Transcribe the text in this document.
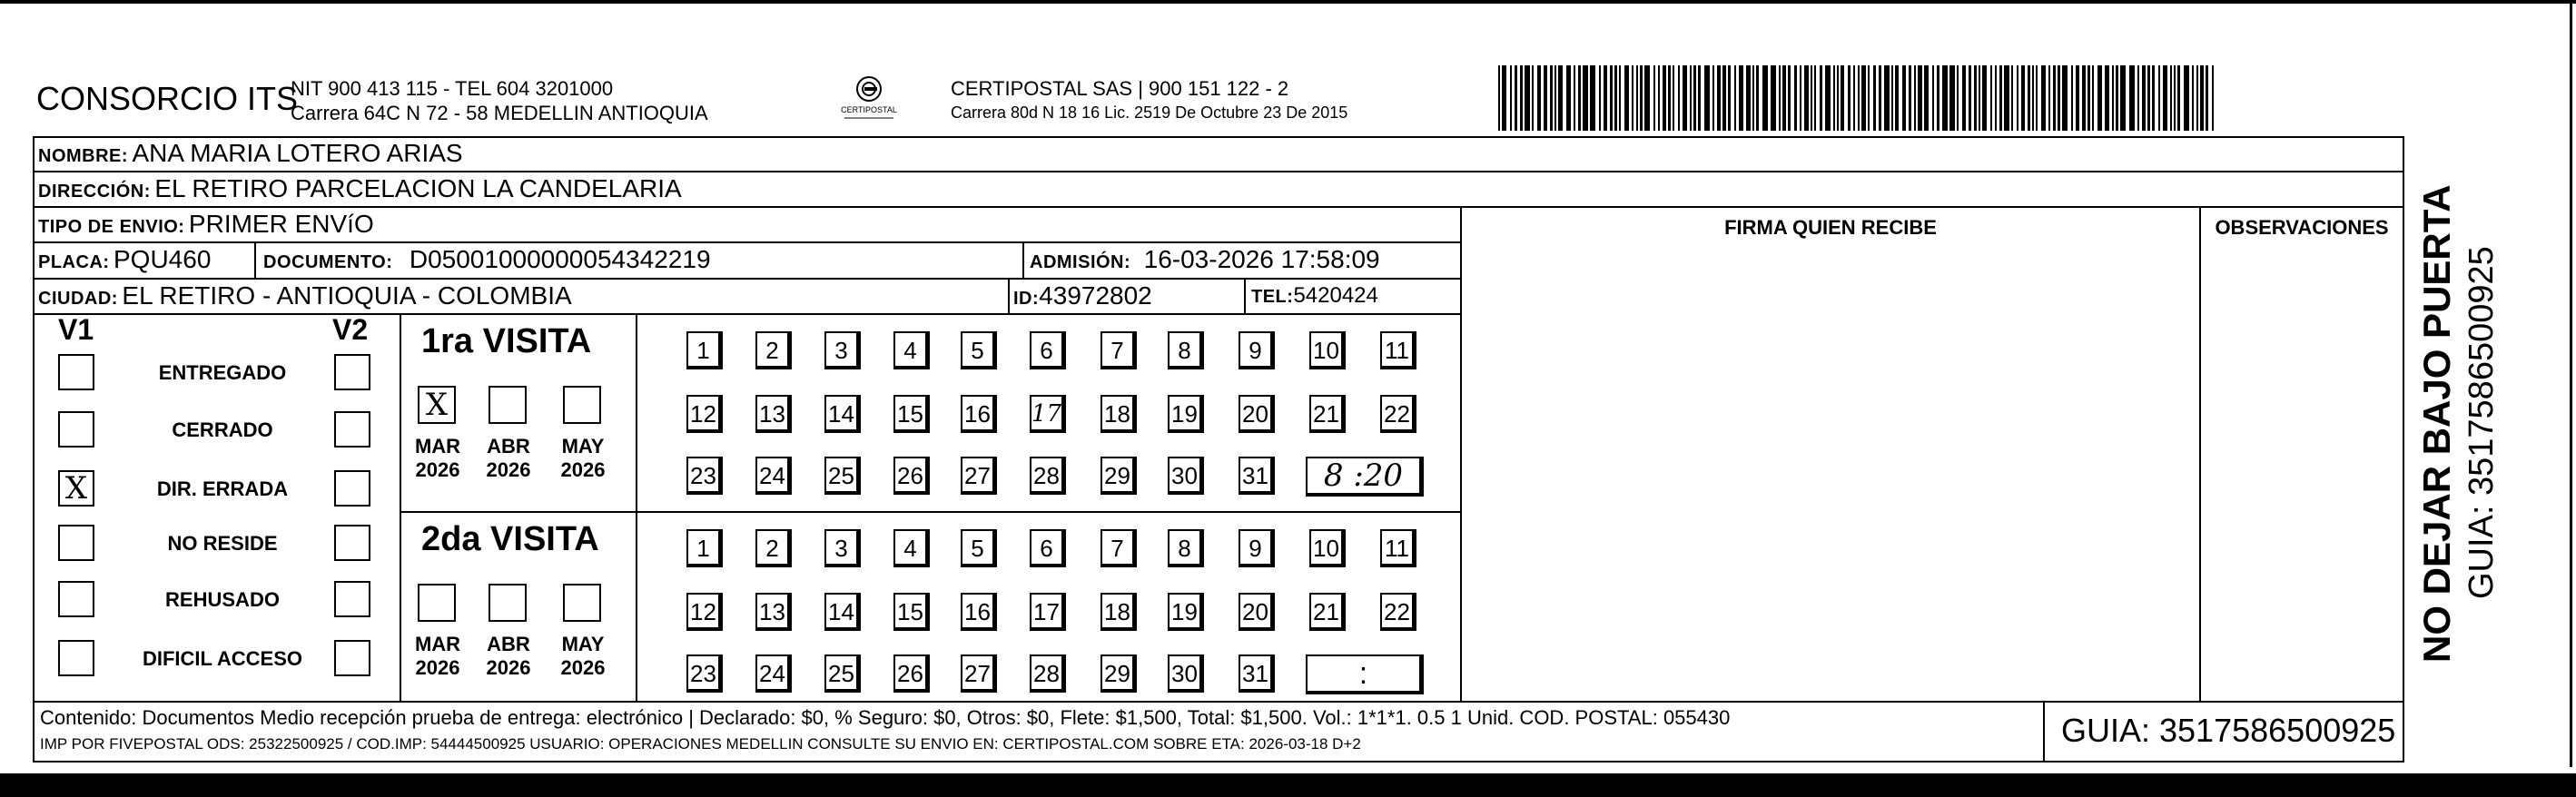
CONSORCIO ITS
NIT 900 413 115 - TEL 604 3201000
Carrera 64C N 72 - 58 MEDELLIN ANTIOQUIA	CERTIPOSTAL
CERTIPOSTAL SAS | 900 151 122 - 2
Carrera 80d N 18 16 Lic. 2519 De Octubre 23 De 2015
NOMBRE: ANA MARIA LOTERO ARIAS
DIRECCIÓN: EL RETIRO PARCELACION LA CANDELARIA
TIPO DE ENVIO: PRIMER ENVíO	FIRMA QUIEN RECIBE	OBSERVACIONES
PLACA: PQU460	DOCUMENTO: D05001000000054342219	ADMISIÓN: 16-03-2026 17:58:09
CIUDAD: EL RETIRO - ANTIOQUIA - COLOMBIA	ID:43972802	TEL:5420424
V1	V2
ENTREGADO
CERRADO
X	DIR. ERRADA
NO RESIDE
REHUSADO
DIFICIL ACCESO
1ra VISITA
X
MAR
2026
ABR
2026
MAY
2026
1	2	3	4	5	6	7	8	9	10 11
12 13 14 15 16 17 18 19 20 21 22
23 24 25 26 27 28 29 30 31	8 :20
2da VISITA
MAR
2026
ABR
2026
MAY
2026
1	2	3	4	5	6	7	8	9	10 11
12 13 14 15 16 17 18 19 20 21 22
23 24 25 26 27 28 29 30 31	:
Contenido: Documentos Medio recepción prueba de entrega: electrónico | Declarado: $0, % Seguro: $0, Otros: $0, Flete: $1,500, Total: $1,500. Vol.: 1*1*1. 0.5 1 Unid. COD. POSTAL: 055430
IMP POR FIVEPOSTAL ODS: 25322500925 / COD.IMP: 54444500925 USUARIO: OPERACIONES MEDELLIN CONSULTE SU ENVIO EN: CERTIPOSTAL.COM SOBRE ETA: 2026-03-18 D+2	GUIA: 3517586500925
NO DEJAR BAJO PUERTA GUIA: 3517586500925
